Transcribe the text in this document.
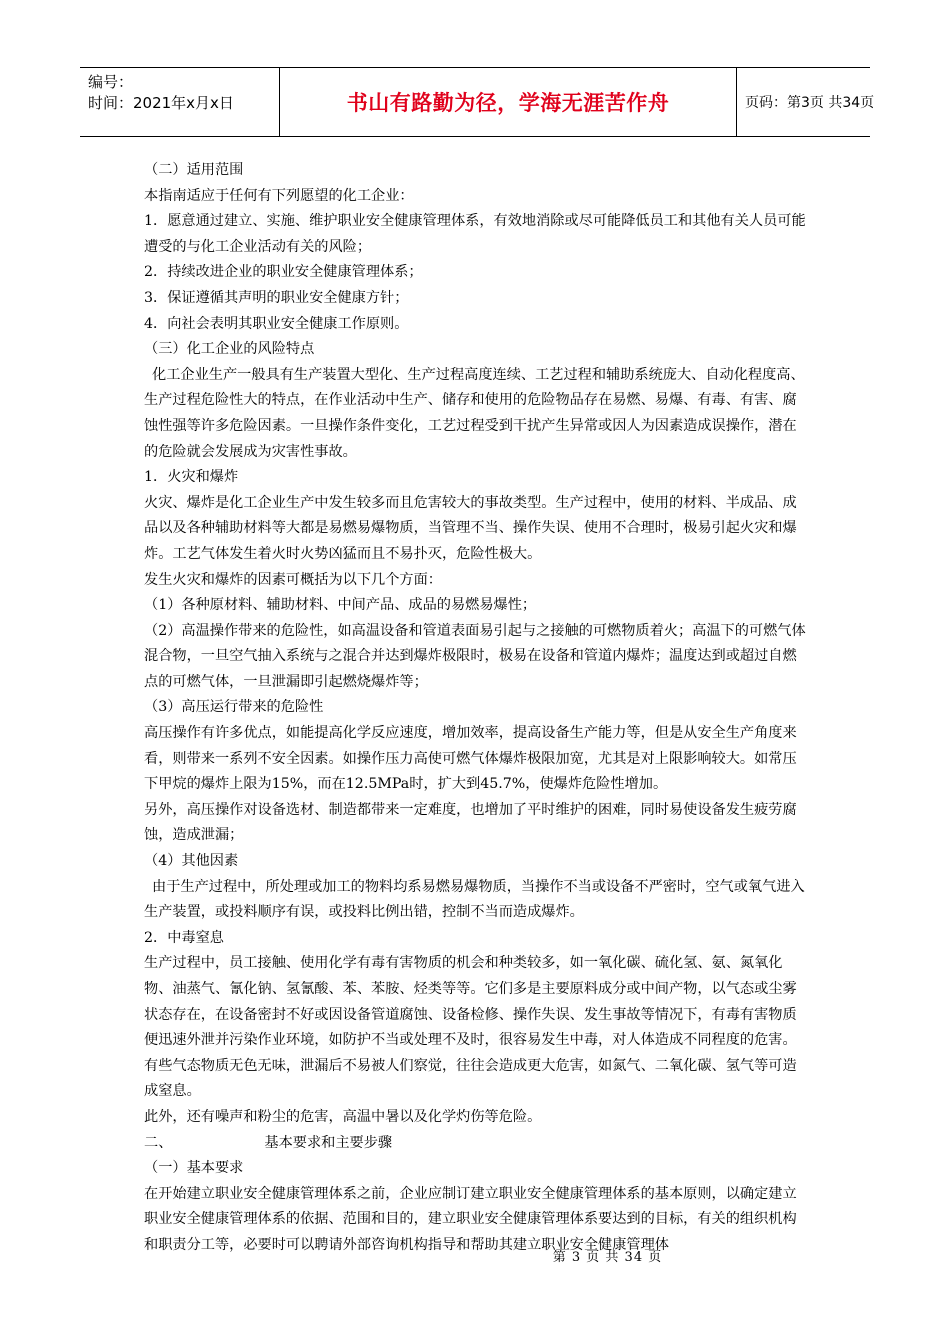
编号：
时间：2021年x月x日	书山有路勤为径，学海无涯苦作舟	页码：第3页 共34页

（二）适用范围

本指南适应于任何有下列愿望的化工企业：

1．愿意通过建立、实施、维护职业安全健康管理体系，有效地消除或尽可能降低员工和其他有关人员可能遭受的与化工企业活动有关的风险；

2．持续改进企业的职业安全健康管理体系；

3．保证遵循其声明的职业安全健康方针；

4．向社会表明其职业安全健康工作原则。

（三）化工企业的风险特点

化工企业生产一般具有生产装置大型化、生产过程高度连续、工艺过程和辅助系统庞大、自动化程度高、生产过程危险性大的特点，在作业活动中生产、储存和使用的危险物品存在易燃、易爆、有毒、有害、腐蚀性强等许多危险因素。一旦操作条件变化，工艺过程受到干扰产生异常或因人为因素造成误操作，潜在的危险就会发展成为灾害性事故。

1．火灾和爆炸

火灾、爆炸是化工企业生产中发生较多而且危害较大的事故类型。生产过程中，使用的材料、半成品、成品以及各种辅助材料等大都是易燃易爆物质，当管理不当、操作失误、使用不合理时，极易引起火灾和爆炸。工艺气体发生着火时火势凶猛而且不易扑灭，危险性极大。

发生火灾和爆炸的因素可概括为以下几个方面：

（1）各种原材料、辅助材料、中间产品、成品的易燃易爆性；

（2）高温操作带来的危险性，如高温设备和管道表面易引起与之接触的可燃物质着火；高温下的可燃气体混合物，一旦空气抽入系统与之混合并达到爆炸极限时，极易在设备和管道内爆炸；温度达到或超过自燃点的可燃气体，一旦泄漏即引起燃烧爆炸等；

（3）高压运行带来的危险性

高压操作有许多优点，如能提高化学反应速度，增加效率，提高设备生产能力等，但是从安全生产角度来看，则带来一系列不安全因素。如操作压力高使可燃气体爆炸极限加宽，尤其是对上限影响较大。如常压下甲烷的爆炸上限为15%，而在12.5MPa时，扩大到45.7%，使爆炸危险性增加。

另外，高压操作对设备选材、制造都带来一定难度，也增加了平时维护的困难，同时易使设备发生疲劳腐蚀，造成泄漏；

（4）其他因素

由于生产过程中，所处理或加工的物料均系易燃易爆物质，当操作不当或设备不严密时，空气或氧气进入生产装置，或投料顺序有误，或投料比例出错，控制不当而造成爆炸。

2．中毒窒息

生产过程中，员工接触、使用化学有毒有害物质的机会和种类较多，如一氧化碳、硫化氢、氨、氮氧化物、油蒸气、氰化钠、氢氰酸、苯、苯胺、烃类等等。它们多是主要原料成分或中间产物，以气态或尘雾状态存在，在设备密封不好或因设备管道腐蚀、设备检修、操作失误、发生事故等情况下，有毒有害物质便迅速外泄并污染作业环境，如防护不当或处理不及时，很容易发生中毒，对人体造成不同程度的危害。有些气态物质无色无味，泄漏后不易被人们察觉，往往会造成更大危害，如氮气、二氧化碳、氢气等可造成窒息。

此外，还有噪声和粉尘的危害，高温中暑以及化学灼伤等危险。

二、	基本要求和主要步骤

（一）基本要求

在开始建立职业安全健康管理体系之前，企业应制订建立职业安全健康管理体系的基本原则，以确定建立职业安全健康管理体系的依据、范围和目的，建立职业安全健康管理体系要达到的目标，有关的组织机构和职责分工等，必要时可以聘请外部咨询机构指导和帮助其建立职业安全健康管理体

第 3 页 共 34 页
